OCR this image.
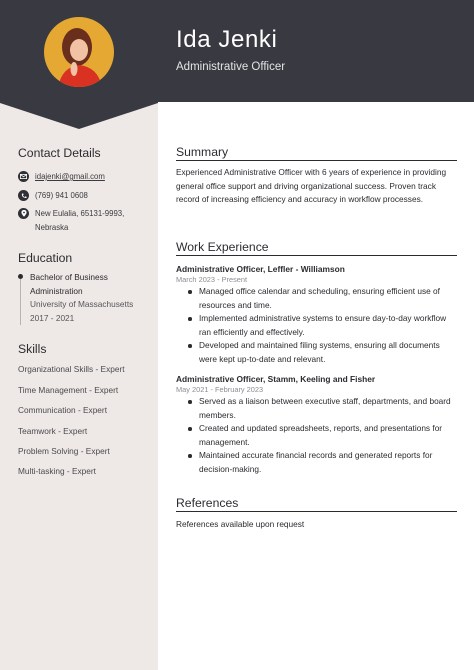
Ida Jenki
Administrative Officer
Contact Details
idajenki@gmail.com
(769) 941 0608
New Eulalia, 65131-9993,
Nebraska
Education
Bachelor of Business
Administration
University of Massachusetts
2017 - 2021
Skills
Organizational Skills - Expert
Time Management - Expert
Communication - Expert
Teamwork - Expert
Problem Solving - Expert
Multi-tasking - Expert
Summary
Experienced Administrative Officer with 6 years of experience in providing general office support and driving organizational success. Proven track record of increasing efficiency and accuracy in workflow processes.
Work Experience
Administrative Officer, Leffler - Williamson
March 2023 - Present
Managed office calendar and scheduling, ensuring efficient use of resources and time.
Implemented administrative systems to ensure day-to-day workflow ran efficiently and effectively.
Developed and maintained filing systems, ensuring all documents were kept up-to-date and relevant.
Administrative Officer, Stamm, Keeling and Fisher
May 2021 - February 2023
Served as a liaison between executive staff, departments, and board members.
Created and updated spreadsheets, reports, and presentations for management.
Maintained accurate financial records and generated reports for decision-making.
References
References available upon request
